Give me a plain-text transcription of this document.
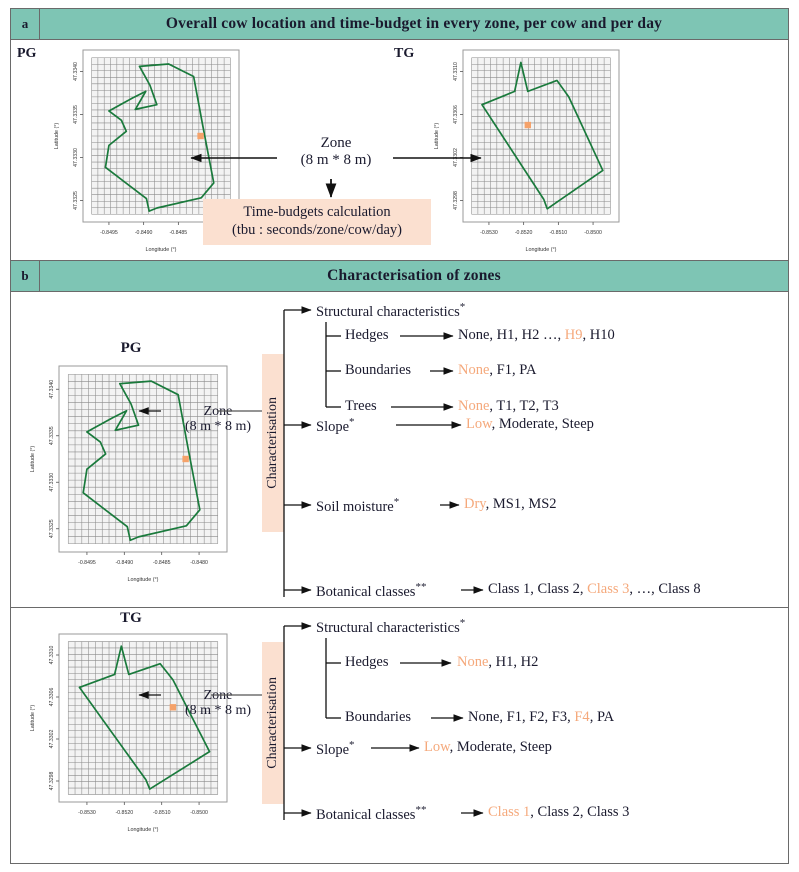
a	Overall cow location and time-budget in every zone, per cow and per day
PG	TG
-0.8495	-0.8490	-0.8485
Longitude (°)
47.3340
47.3335
47.3330
47.3325
Latitude (°)
-0.8530	-0.8520	-0.8510	-0.8500
Longitude (°)
47.3310
47.3306
47.3302
47.3298
Latitude (°)
Zone
(8 m * 8 m)
Time-budgets calculation
(tbu : seconds/zone/cow/day)
b	Characterisation of zones
PG
-0.8495	-0.8490	-0.8485	-0.8480
Longitude (°)
47.3340
47.3335
47.3330
47.3325
Latitude (°)
Zone
(8 m * 8 m) Characterisation
Structural characteristics*
Hedges	None, H1, H2 …, H9, H10
Boundaries	None, F1, PA
Trees	None, T1, T2, T3
Slope*	Low, Moderate, Steep
Soil moisture*	Dry, MS1, MS2
Botanical classes**	Class 1, Class 2, Class 3, …, Class 8
TG
-0.8530	-0.8520	-0.8510	-0.8500
Longitude (°)
47.3310
47.3306
47.3302
47.3298
Latitude (°)
Zone
(8 m * 8 m) Characterisation
Structural characteristics*
Hedges	None, H1, H2
Boundaries	None, F1, F2, F3, F4, PA
Slope*	Low, Moderate, Steep
Botanical classes**	Class 1, Class 2, Class 3
